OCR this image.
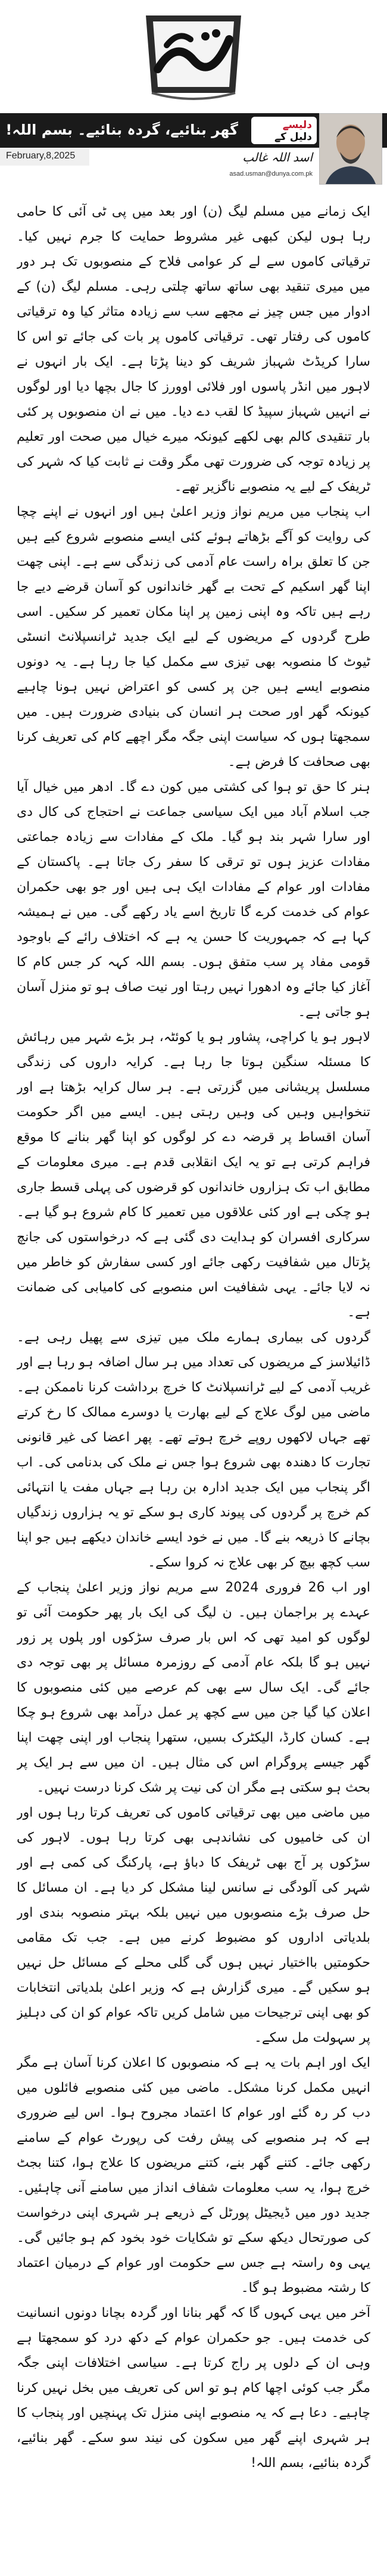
گھر بنائیے، گردہ بنائیے۔ بسم اللہ!	دلیسے
دلیل کے
February,8,2025	اسد اللہ غالب
asad.usman@dunya.com.pk

ایک زمانے میں مسلم لیگ (ن) اور بعد میں پی ٹی آئی کا حامی رہا ہوں لیکن کبھی غیر مشروط حمایت کا جرم نہیں کیا۔ ترقیاتی کاموں سے لے کر عوامی فلاح کے منصوبوں تک ہر دور میں میری تنقید بھی ساتھ ساتھ چلتی رہی۔ مسلم لیگ (ن) کے ادوار میں جس چیز نے مجھے سب سے زیادہ متاثر کیا وہ ترقیاتی کاموں کی رفتار تھی۔ ترقیاتی کاموں پر بات کی جائے تو اس کا سارا کریڈٹ شہباز شریف کو دینا پڑتا ہے۔ ایک بار انہوں نے لاہور میں انڈر پاسوں اور فلائی اوورز کا جال بچھا دیا اور لوگوں نے انہیں شہباز سپیڈ کا لقب دے دیا۔ میں نے ان منصوبوں پر کئی بار تنقیدی کالم بھی لکھے کیونکہ میرے خیال میں صحت اور تعلیم پر زیادہ توجہ کی ضرورت تھی مگر وقت نے ثابت کیا کہ شہر کی ٹریفک کے لیے یہ منصوبے ناگزیر تھے۔

اب پنجاب میں مریم نواز وزیر اعلیٰ ہیں اور انہوں نے اپنے چچا کی روایت کو آگے بڑھاتے ہوئے کئی ایسے منصوبے شروع کیے ہیں جن کا تعلق براہ راست عام آدمی کی زندگی سے ہے۔ اپنی چھت اپنا گھر اسکیم کے تحت بے گھر خاندانوں کو آسان قرضے دیے جا رہے ہیں تاکہ وہ اپنی زمین پر اپنا مکان تعمیر کر سکیں۔ اسی طرح گردوں کے مریضوں کے لیے ایک جدید ٹرانسپلانٹ انسٹی ٹیوٹ کا منصوبہ بھی تیزی سے مکمل کیا جا رہا ہے۔ یہ دونوں منصوبے ایسے ہیں جن پر کسی کو اعتراض نہیں ہونا چاہیے کیونکہ گھر اور صحت ہر انسان کی بنیادی ضرورت ہیں۔ میں سمجھتا ہوں کہ سیاست اپنی جگہ مگر اچھے کام کی تعریف کرنا بھی صحافت کا فرض ہے۔

ہنر کا حق تو ہوا کی کشتی میں کون دے گا۔ ادھر میں خیال آیا جب اسلام آباد میں ایک سیاسی جماعت نے احتجاج کی کال دی اور سارا شہر بند ہو گیا۔ ملک کے مفادات سے زیادہ جماعتی مفادات عزیز ہوں تو ترقی کا سفر رک جاتا ہے۔ پاکستان کے مفادات اور عوام کے مفادات ایک ہی ہیں اور جو بھی حکمران عوام کی خدمت کرے گا تاریخ اسے یاد رکھے گی۔ میں نے ہمیشہ کہا ہے کہ جمہوریت کا حسن یہ ہے کہ اختلاف رائے کے باوجود قومی مفاد پر سب متفق ہوں۔ بسم اللہ کہہ کر جس کام کا آغاز کیا جائے وہ ادھورا نہیں رہتا اور نیت صاف ہو تو منزل آسان ہو جاتی ہے۔

لاہور ہو یا کراچی، پشاور ہو یا کوئٹہ، ہر بڑے شہر میں رہائش کا مسئلہ سنگین ہوتا جا رہا ہے۔ کرایہ داروں کی زندگی مسلسل پریشانی میں گزرتی ہے۔ ہر سال کرایہ بڑھتا ہے اور تنخواہیں وہیں کی وہیں رہتی ہیں۔ ایسے میں اگر حکومت آسان اقساط پر قرضہ دے کر لوگوں کو اپنا گھر بنانے کا موقع فراہم کرتی ہے تو یہ ایک انقلابی قدم ہے۔ میری معلومات کے مطابق اب تک ہزاروں خاندانوں کو قرضوں کی پہلی قسط جاری ہو چکی ہے اور کئی علاقوں میں تعمیر کا کام شروع ہو گیا ہے۔ سرکاری افسران کو ہدایت دی گئی ہے کہ درخواستوں کی جانچ پڑتال میں شفافیت رکھی جائے اور کسی سفارش کو خاطر میں نہ لایا جائے۔ یہی شفافیت اس منصوبے کی کامیابی کی ضمانت ہے۔

گردوں کی بیماری ہمارے ملک میں تیزی سے پھیل رہی ہے۔ ڈائیلاسز کے مریضوں کی تعداد میں ہر سال اضافہ ہو رہا ہے اور غریب آدمی کے لیے ٹرانسپلانٹ کا خرچ برداشت کرنا ناممکن ہے۔ ماضی میں لوگ علاج کے لیے بھارت یا دوسرے ممالک کا رخ کرتے تھے جہاں لاکھوں روپے خرچ ہوتے تھے۔ پھر اعضا کی غیر قانونی تجارت کا دھندہ بھی شروع ہوا جس نے ملک کی بدنامی کی۔ اب اگر پنجاب میں ایک جدید ادارہ بن رہا ہے جہاں مفت یا انتہائی کم خرچ پر گردوں کی پیوند کاری ہو سکے تو یہ ہزاروں زندگیاں بچانے کا ذریعہ بنے گا۔ میں نے خود ایسے خاندان دیکھے ہیں جو اپنا سب کچھ بیچ کر بھی علاج نہ کروا سکے۔

اور اب 26 فروری 2024 سے مریم نواز وزیر اعلیٰ پنجاب کے عہدے پر براجمان ہیں۔ ن لیگ کی ایک بار پھر حکومت آئی تو لوگوں کو امید تھی کہ اس بار صرف سڑکوں اور پلوں پر زور نہیں ہو گا بلکہ عام آدمی کے روزمرہ مسائل پر بھی توجہ دی جائے گی۔ ایک سال سے بھی کم عرصے میں کئی منصوبوں کا اعلان کیا گیا جن میں سے کچھ پر عمل درآمد بھی شروع ہو چکا ہے۔ کسان کارڈ، الیکٹرک بسیں، ستھرا پنجاب اور اپنی چھت اپنا گھر جیسے پروگرام اس کی مثال ہیں۔ ان میں سے ہر ایک پر بحث ہو سکتی ہے مگر ان کی نیت پر شک کرنا درست نہیں۔

میں ماضی میں بھی ترقیاتی کاموں کی تعریف کرتا رہا ہوں اور ان کی خامیوں کی نشاندہی بھی کرتا رہا ہوں۔ لاہور کی سڑکوں پر آج بھی ٹریفک کا دباؤ ہے، پارکنگ کی کمی ہے اور شہر کی آلودگی نے سانس لینا مشکل کر دیا ہے۔ ان مسائل کا حل صرف بڑے منصوبوں میں نہیں بلکہ بہتر منصوبہ بندی اور بلدیاتی اداروں کو مضبوط کرنے میں ہے۔ جب تک مقامی حکومتیں بااختیار نہیں ہوں گی گلی محلے کے مسائل حل نہیں ہو سکیں گے۔ میری گزارش ہے کہ وزیر اعلیٰ بلدیاتی انتخابات کو بھی اپنی ترجیحات میں شامل کریں تاکہ عوام کو ان کی دہلیز پر سہولت مل سکے۔

ایک اور اہم بات یہ ہے کہ منصوبوں کا اعلان کرنا آسان ہے مگر انہیں مکمل کرنا مشکل۔ ماضی میں کئی منصوبے فائلوں میں دب کر رہ گئے اور عوام کا اعتماد مجروح ہوا۔ اس لیے ضروری ہے کہ ہر منصوبے کی پیش رفت کی رپورٹ عوام کے سامنے رکھی جائے۔ کتنے گھر بنے، کتنے مریضوں کا علاج ہوا، کتنا بجٹ خرچ ہوا، یہ سب معلومات شفاف انداز میں سامنے آنی چاہئیں۔ جدید دور میں ڈیجیٹل پورٹل کے ذریعے ہر شہری اپنی درخواست کی صورتحال دیکھ سکے تو شکایات خود بخود کم ہو جائیں گی۔ یہی وہ راستہ ہے جس سے حکومت اور عوام کے درمیان اعتماد کا رشتہ مضبوط ہو گا۔

آخر میں یہی کہوں گا کہ گھر بنانا اور گردہ بچانا دونوں انسانیت کی خدمت ہیں۔ جو حکمران عوام کے دکھ درد کو سمجھتا ہے وہی ان کے دلوں پر راج کرتا ہے۔ سیاسی اختلافات اپنی جگہ مگر جب کوئی اچھا کام ہو تو اس کی تعریف میں بخل نہیں کرنا چاہیے۔ دعا ہے کہ یہ منصوبے اپنی منزل تک پہنچیں اور پنجاب کا ہر شہری اپنے گھر میں سکون کی نیند سو سکے۔ گھر بنائیے، گردہ بنائیے، بسم اللہ!
